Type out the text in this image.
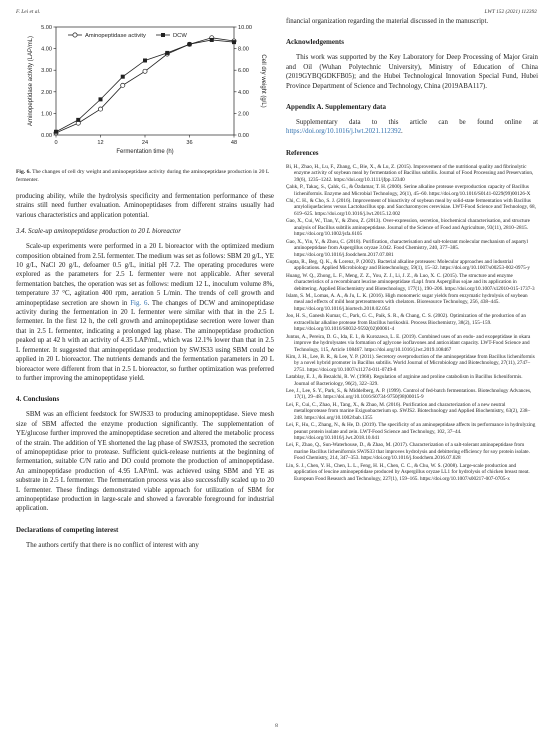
F. Lei et al.	LWT 152 (2021) 112392
0	12	24	36	48
0.00
1.00
2.00
3.00
4.00
5.00
0.00
2.00
4.00
6.00
8.00
10.00
Fermentation time (h)
Aminopeptidase activity (LAP/mL)	Cell dry weight (g/L)
Aminopeptidase activity	DCW
Fig. 6. The changes of cell dry weight and aminopeptidase activity during the aminopeptidase production in 20 L fermenter.

producing ability, while the hydrolysis specificity and fermentation performance of these strains still need further evaluation. Aminopeptidases from different strains usually had various characteristics and application potential.

3.4. Scale-up aminopeptidase production to 20 L bioreactor

Scale-up experiments were performed in a 20 L bioreactor with the optimized medium composition obtained from 2.5L fermenter. The medium was set as follows: SBM 20 g/L, YE 10 g/L, NaCl 20 g/L, defoamer 0.5 g/L, initial pH 7.2. The operating procedures were explored as the parameters for 2.5 L fermenter were not applicable. After several fermentation batches, the operation was set as follows: medium 12 L, inoculum volume 8%, temperature 37 °C, agitation 400 rpm, aeration 5 L/min. The trends of cell growth and aminopeptidase secretion are shown in Fig. 6. The changes of DCW and aminopeptidase activity during the fermentation in 20 L fermenter were similar with that in the 2.5 L fermenter. In the first 12 h, the cell growth and aminopeptidase secretion were lower than that in 2.5 L fermenter, indicating a prolonged lag phase. The aminopeptidase production peaked up at 42 h with an activity of 4.35 LAP/mL, which was 12.1% lower than that in 2.5 L fermenter. It suggested that aminopeptidase production by SWJS33 using SBM could be applied in 20 L bioreactor. The nutrients demands and the fermentation parameters in 20 L bioreactor were different from that in 2.5 L bioreactor, so further optimization was preferred to further improving the aminopeptidase yield.

4. Conclusions

SBM was an efficient feedstock for SWJS33 to producing aminopeptidase. Sieve mesh size of SBM affected the enzyme production significantly. The supplementation of YE/glucose further improved the aminopeptidase secretion and altered the metabolic process of the strain. The addition of YE shortened the lag phase of SWJS33, promoted the secretion of aminopeptidase prior to protease. Sufficient quick-release nutrients at the beginning of fermentation, suitable C/N ratio and DO could promote the production of aminopeptidase. An aminopeptidase production of 4.95 LAP/mL was achieved using SBM and YE as substrate in 2.5 L fermenter. The fermentation process was also successfully scaled up to 20 L fermenter. These findings demonstrated viable approach for utilization of SBM for aminopeptidase production in large-scale and showed a favorable foreground for industrial application.

Declarations of competing interest

The authors certify that there is no conflict of interest with any

financial organization regarding the material discussed in the manuscript.

Acknowledgements

This work was supported by the Key Laboratory for Deep Processing of Major Grain and Oil (Wuhan Polytechnic University), Ministry of Education of China (2019GYBQGDKFB05); and the Hubei Technological Innovation Special Fund, Hubei Province Department of Science and Technology, China (2019ABA117).

Appendix A. Supplementary data

Supplementary data to this article can be found online at https://doi.org/10.1016/j.lwt.2021.112392.

References

Bi, H., Zhao, H., Lu, F., Zhang, C., Bie, X., & Lu, Z. (2015). Improvement of the nutritional quality and fibrinolytic enzyme activity of soybean meal by fermentation of Bacillus subtilis. Journal of Food Processing and Preservation, 39(6), 1235–1242. https://doi.org/10.1111/jfpp.12340

Çalık, P., Takaç, S., Çalık, G., & Özdamar, T. H. (2000). Serine alkaline protease overproduction capacity of Bacillus licheniformis. Enzyme and Microbial Technology, 26(1), 45–60. https://doi.org/10.1016/S0141-0229(99)00126-X

Chi, C. H., & Cho, S. J. (2016). Improvement of bioactivity of soybean meal by solid-state fermentation with Bacillus amyloliquefaciens versus Lactobacillus spp. and Saccharomyces cerevisiae. LWT-Food Science and Technology, 68, 619–625. https://doi.org/10.1016/j.lwt.2015.12.002

Gao, X., Cui, W., Tian, Y., & Zhou, Z. (2013). Over-expression, secretion, biochemical characterisation, and structure analysis of Bacillus subtilis aminopeptidase. Journal of the Science of Food and Agriculture, 93(11), 2810–2815. https://doi.org/10.1002/jsfa.6105

Gao, X., Yin, Y., & Zhou, C. (2018). Purification, characterisation and salt-tolerant molecular mechanism of aspartyl aminopeptidase from Aspergillus oryzae 3.042. Food Chemistry, 240, 377–385. https://doi.org/10.1016/j.foodchem.2017.07.081

Gupta, R., Beg, Q. K., & Lorenz, P. (2002). Bacterial alkaline proteases: Molecular approaches and industrial applications. Applied Microbiology and Biotechnology, 59(1), 15–32. https://doi.org/10.1007/s00253-002-0975-y

Huang, W. Q., Zhong, L. F., Meng, Z. Z., You, Z. J., Li, J. Z., & Luo, X. C. (2015). The structure and enzyme characteristics of a recombinant leucine aminopeptidase rLap1 from Aspergillus sojae and its application in debittering. Applied Biochemistry and Biotechnology, 177(1), 190–206. https://doi.org/10.1007/s12010-015-1737-3

Islam, S. M., Lomas, A. A., & Ju, L. K. (2016). High monomeric sugar yields from enzymatic hydrolysis of soybean meal and effects of mild heat pretreatments with chelators. Bioresource Technology, 256, 438–445. https://doi.org/10.1016/j.biortech.2018.02.054

Joo, H. S., Ganesh Kumar, C., Park, G. C., Paik, S. R., & Chang, C. S. (2002). Optimization of the production of an extracellular alkaline protease from Bacillus horikoshii. Process Biochemistry, 38(2), 155–159. https://doi.org/10.1016/S0032-9592(02)00061-4

Juntus, A., Pereira, D. G., Ida, E. I., & Kurozawa, L. E. (2019). Combined uses of an endo- and exopeptidase in okara improve the hydrolysates via formation of aglycone isoflavones and antioxidant capacity. LWT-Food Science and Technology, 115, Article 108467. https://doi.org/10.1016/j.lwt.2019.108467

Kim, J. H., Lee, B. R., & Lee, Y. P. (2011). Secretory overproduction of the aminopeptidase from Bacillus licheniformis by a novel hybrid promoter in Bacillus subtilis. World Journal of Microbiology and Biotechnology, 27(11), 2747–2751. https://doi.org/10.1007/s11274-011-0749-8

Latablay, E. J., & Bezalchi, R. W. (1968). Regulation of arginine and proline catabolism in Bacillus licheniformis. Journal of Bacteriology, 96(2), 322–329.

Lee, J., Lee, S. Y., Park, S., & Middelberg, A. P. (1999). Control of fed-batch fermentations. Biotechnology Advances, 17(1), 29–48. https://doi.org/10.1016/S0734-9750(98)00015-9

Lei, F., Cui, C., Zhao, H., Tang, X., & Zhao, M. (2016). Purification and characterization of a new neutral metalloprotease from marine Exiguobacterium sp. SWJS2. Biotechnology and Applied Biochemistry, 63(2), 238–248. https://doi.org/10.1002/bab.1355

Lei, F., Hu, C., Zhang, N., & He, D. (2019). The specificity of an aminopeptidase affects its performance in hydrolyzing peanut protein isolate and zein. LWT-Food Science and Technology, 102, 37–44. https://doi.org/10.1016/j.lwt.2018.10.041

Lei, F., Zhao, Q., Sun-Waterhouse, D., & Zhao, M. (2017). Characterization of a salt-tolerant aminopeptidase from marine Bacillus licheniformis SWJS33 that improves hydrolysis and debittering efficiency for soy protein isolate. Food Chemistry, 214, 347–353. https://doi.org/10.1016/j.foodchem.2016.07.028

Lin, S. J., Chen, Y. H., Chen, L. L., Feng, H. H., Chen, C. C., & Chu, W. S. (2008). Large-scale production and application of leucine aminopeptidase produced by Aspergillus oryzae LL1 for hydrolysis of chicken breast meat. European Food Research and Technology, 227(1), 159–165. https://doi.org/10.1007/s00217-007-0705-x

8
